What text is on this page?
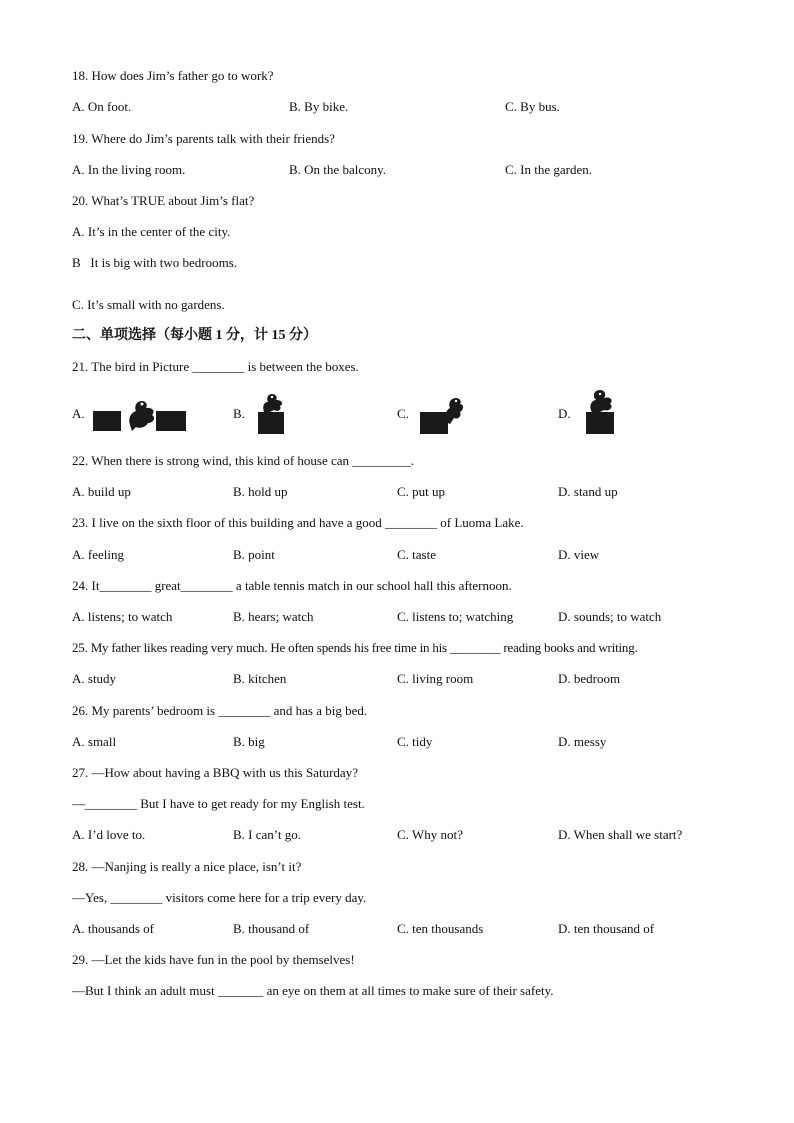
18. How does Jim’s father go to work?
A. On foot.	B. By bike.	C. By bus.
19. Where do Jim’s parents talk with their friends?
A. In the living room.	B. On the balcony.	C. In the garden.
20. What’s TRUE about Jim’s flat?
A. It’s in the center of the city.
B   It is big with two bedrooms.
C. It’s small with no gardens.
二、单项选择（每小题 1 分，计 15 分）
21. The bird in Picture ________ is between the boxes.
A.	B.	C.	D.
22. When there is strong wind, this kind of house can _________.
A. build up	B. hold up	C. put up	D. stand up
23. I live on the sixth floor of this building and have a good ________ of Luoma Lake.
A. feeling	B. point	C. taste	D. view
24. It________ great________ a table tennis match in our school hall this afternoon.
A. listens; to watch	B. hears; watch	C. listens to; watching	D. sounds; to watch
25. My father likes reading very much. He often spends his free time in his ________ reading books and writing.
A. study	B. kitchen	C. living room	D. bedroom
26. My parents’ bedroom is ________ and has a big bed.
A. small	B. big	C. tidy	D. messy
27. —How about having a BBQ with us this Saturday?
—________ But I have to get ready for my English test.
A. I’d love to.	B. I can’t go.	C. Why not?	D. When shall we start?
28. —Nanjing is really a nice place, isn’t it?
—Yes, ________ visitors come here for a trip every day.
A. thousands of	B. thousand of	C. ten thousands	D. ten thousand of
29. —Let the kids have fun in the pool by themselves!
—But I think an adult must _______ an eye on them at all times to make sure of their safety.
